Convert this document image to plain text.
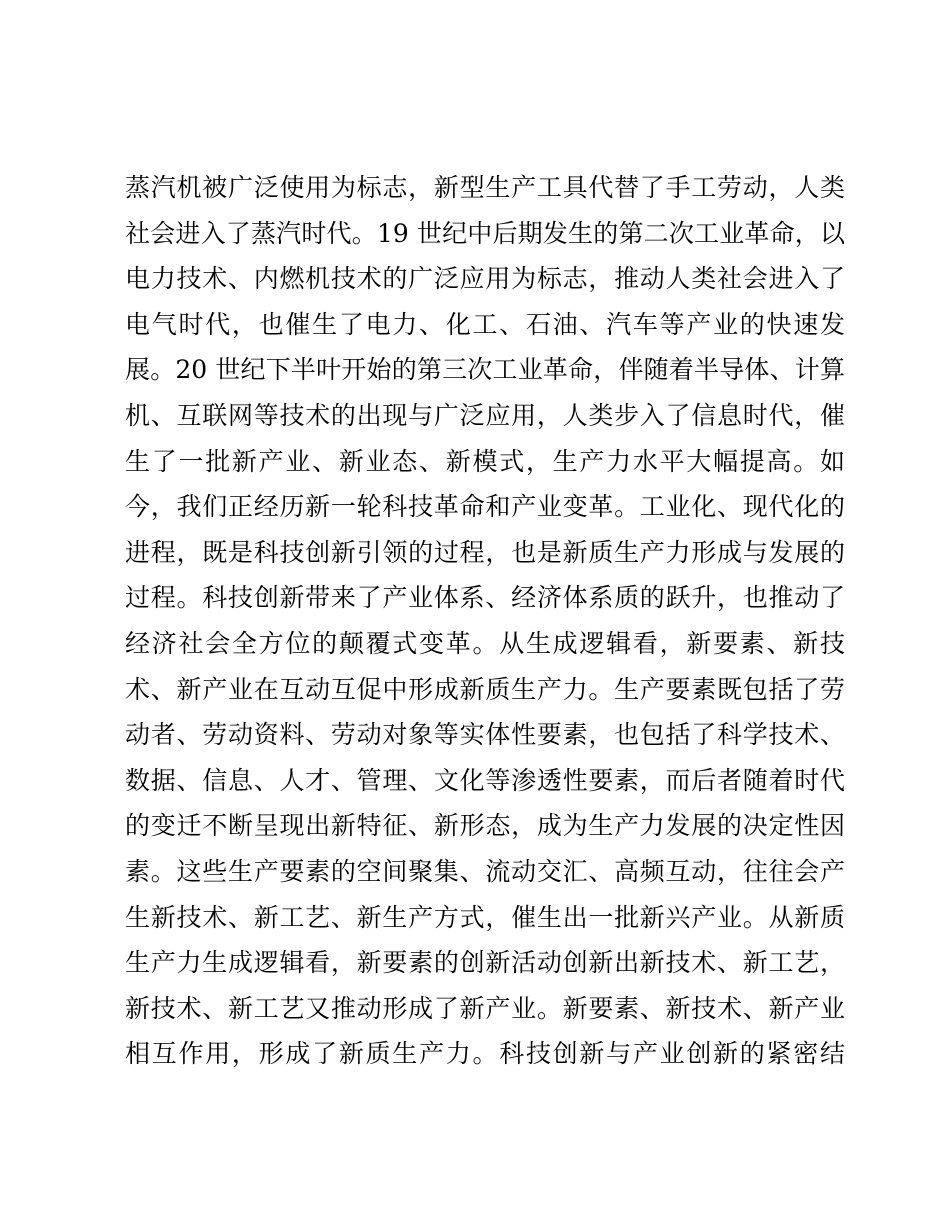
蒸汽机被广泛使用为标志，新型生产工具代替了手工劳动，人类
社会进入了蒸汽时代。19 世纪中后期发生的第二次工业革命，以
电力技术、内燃机技术的广泛应用为标志，推动人类社会进入了
电气时代，也催生了电力、化工、石油、汽车等产业的快速发
展。20 世纪下半叶开始的第三次工业革命，伴随着半导体、计算
机、互联网等技术的出现与广泛应用，人类步入了信息时代，催
生了一批新产业、新业态、新模式，生产力水平大幅提高。如
今，我们正经历新一轮科技革命和产业变革。工业化、现代化的
进程，既是科技创新引领的过程，也是新质生产力形成与发展的
过程。科技创新带来了产业体系、经济体系质的跃升，也推动了
经济社会全方位的颠覆式变革。从生成逻辑看，新要素、新技
术、新产业在互动互促中形成新质生产力。生产要素既包括了劳
动者、劳动资料、劳动对象等实体性要素，也包括了科学技术、
数据、信息、人才、管理、文化等渗透性要素，而后者随着时代
的变迁不断呈现出新特征、新形态，成为生产力发展的决定性因
素。这些生产要素的空间聚集、流动交汇、高频互动，往往会产
生新技术、新工艺、新生产方式，催生出一批新兴产业。从新质
生产力生成逻辑看，新要素的创新活动创新出新技术、新工艺，
新技术、新工艺又推动形成了新产业。新要素、新技术、新产业
相互作用，形成了新质生产力。科技创新与产业创新的紧密结
